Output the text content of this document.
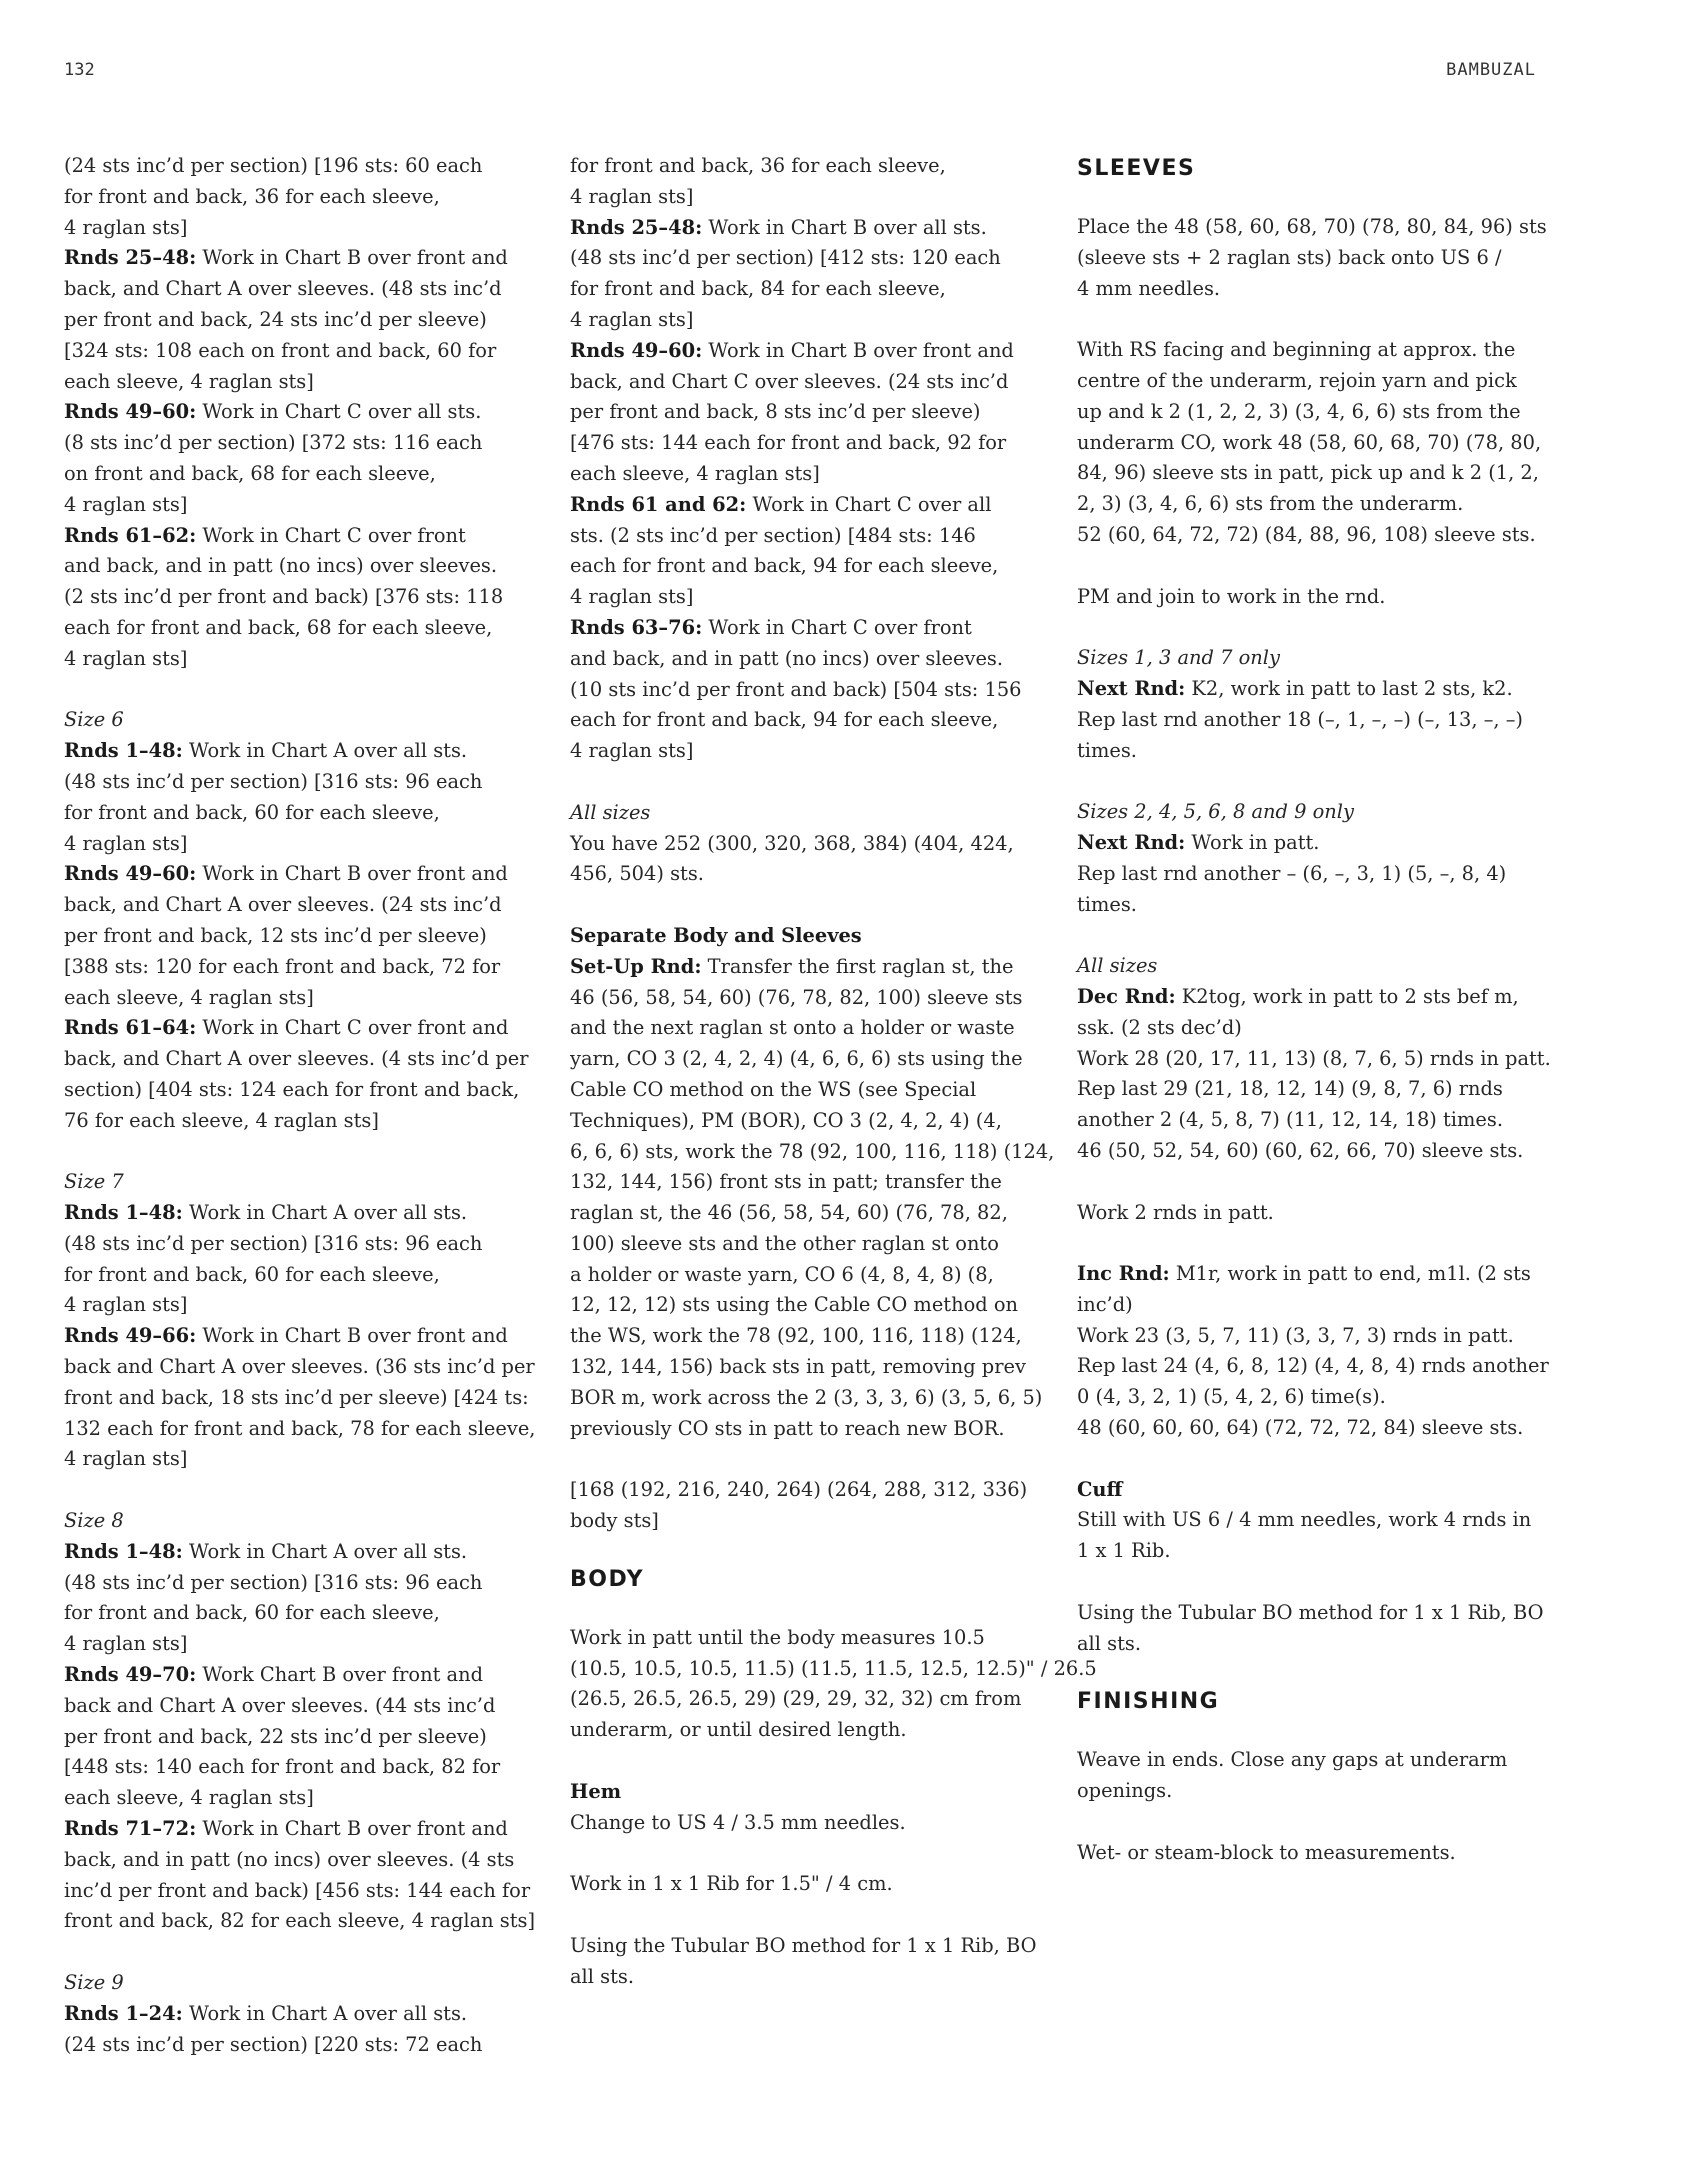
132	BAMBUZAL
(24 sts inc’d per section) [196 sts: 60 each
for front and back, 36 for each sleeve,
4 raglan sts]
Rnds 25–48: Work in Chart B over front and
back, and Chart A over sleeves. (48 sts inc’d
per front and back, 24 sts inc’d per sleeve)
[324 sts: 108 each on front and back, 60 for
each sleeve, 4 raglan sts]
Rnds 49–60: Work in Chart C over all sts.
(8 sts inc’d per section) [372 sts: 116 each
on front and back, 68 for each sleeve,
4 raglan sts]
Rnds 61–62: Work in Chart C over front
and back, and in patt (no incs) over sleeves.
(2 sts inc’d per front and back) [376 sts: 118
each for front and back, 68 for each sleeve,
4 raglan sts]
Size 6
Rnds 1–48: Work in Chart A over all sts.
(48 sts inc’d per section) [316 sts: 96 each
for front and back, 60 for each sleeve,
4 raglan sts]
Rnds 49–60: Work in Chart B over front and
back, and Chart A over sleeves. (24 sts inc’d
per front and back, 12 sts inc’d per sleeve)
[388 sts: 120 for each front and back, 72 for
each sleeve, 4 raglan sts]
Rnds 61–64: Work in Chart C over front and
back, and Chart A over sleeves. (4 sts inc’d per
section) [404 sts: 124 each for front and back,
76 for each sleeve, 4 raglan sts]
Size 7
Rnds 1–48: Work in Chart A over all sts.
(48 sts inc’d per section) [316 sts: 96 each
for front and back, 60 for each sleeve,
4 raglan sts]
Rnds 49–66: Work in Chart B over front and
back and Chart A over sleeves. (36 sts inc’d per
front and back, 18 sts inc’d per sleeve) [424 ts:
132 each for front and back, 78 for each sleeve,
4 raglan sts]
Size 8
Rnds 1–48: Work in Chart A over all sts.
(48 sts inc’d per section) [316 sts: 96 each
for front and back, 60 for each sleeve,
4 raglan sts]
Rnds 49–70: Work Chart B over front and
back and Chart A over sleeves. (44 sts inc’d
per front and back, 22 sts inc’d per sleeve)
[448 sts: 140 each for front and back, 82 for
each sleeve, 4 raglan sts]
Rnds 71–72: Work in Chart B over front and
back, and in patt (no incs) over sleeves. (4 sts
inc’d per front and back) [456 sts: 144 each for
front and back, 82 for each sleeve, 4 raglan sts]
Size 9
Rnds 1–24: Work in Chart A over all sts.
(24 sts inc’d per section) [220 sts: 72 each
for front and back, 36 for each sleeve,
4 raglan sts]
Rnds 25–48: Work in Chart B over all sts.
(48 sts inc’d per section) [412 sts: 120 each
for front and back, 84 for each sleeve,
4 raglan sts]
Rnds 49–60: Work in Chart B over front and
back, and Chart C over sleeves. (24 sts inc’d
per front and back, 8 sts inc’d per sleeve)
[476 sts: 144 each for front and back, 92 for
each sleeve, 4 raglan sts]
Rnds 61 and 62: Work in Chart C over all
sts. (2 sts inc’d per section) [484 sts: 146
each for front and back, 94 for each sleeve,
4 raglan sts]
Rnds 63–76: Work in Chart C over front
and back, and in patt (no incs) over sleeves.
(10 sts inc’d per front and back) [504 sts: 156
each for front and back, 94 for each sleeve,
4 raglan sts]
All sizes
You have 252 (300, 320, 368, 384) (404, 424,
456, 504) sts.
Separate Body and Sleeves
Set-Up Rnd: Transfer the first raglan st, the
46 (56, 58, 54, 60) (76, 78, 82, 100) sleeve sts
and the next raglan st onto a holder or waste
yarn, CO 3 (2, 4, 2, 4) (4, 6, 6, 6) sts using the
Cable CO method on the WS (see Special
Techniques), PM (BOR), CO 3 (2, 4, 2, 4) (4,
6, 6, 6) sts, work the 78 (92, 100, 116, 118) (124,
132, 144, 156) front sts in patt; transfer the
raglan st, the 46 (56, 58, 54, 60) (76, 78, 82,
100) sleeve sts and the other raglan st onto
a holder or waste yarn, CO 6 (4, 8, 4, 8) (8,
12, 12, 12) sts using the Cable CO method on
the WS, work the 78 (92, 100, 116, 118) (124,
132, 144, 156) back sts in patt, removing prev
BOR m, work across the 2 (3, 3, 3, 6) (3, 5, 6, 5)
previously CO sts in patt to reach new BOR.
[168 (192, 216, 240, 264) (264, 288, 312, 336)
body sts]
BODY
Work in patt until the body measures 10.5
(10.5, 10.5, 10.5, 11.5) (11.5, 11.5, 12.5, 12.5)" / 26.5
(26.5, 26.5, 26.5, 29) (29, 29, 32, 32) cm from
underarm, or until desired length.
Hem
Change to US 4 / 3.5 mm needles.
Work in 1 x 1 Rib for 1.5" / 4 cm.
Using the Tubular BO method for 1 x 1 Rib, BO
all sts.
SLEEVES
Place the 48 (58, 60, 68, 70) (78, 80, 84, 96) sts
(sleeve sts + 2 raglan sts) back onto US 6 /
4 mm needles.
With RS facing and beginning at approx. the
centre of the underarm, rejoin yarn and pick
up and k 2 (1, 2, 2, 3) (3, 4, 6, 6) sts from the
underarm CO, work 48 (58, 60, 68, 70) (78, 80,
84, 96) sleeve sts in patt, pick up and k 2 (1, 2,
2, 3) (3, 4, 6, 6) sts from the underarm.
52 (60, 64, 72, 72) (84, 88, 96, 108) sleeve sts.
PM and join to work in the rnd.
Sizes 1, 3 and 7 only
Next Rnd: K2, work in patt to last 2 sts, k2.
Rep last rnd another 18 (–, 1, –, –) (–, 13, –, –)
times.
Sizes 2, 4, 5, 6, 8 and 9 only
Next Rnd: Work in patt.
Rep last rnd another – (6, –, 3, 1) (5, –, 8, 4)
times.
All sizes
Dec Rnd: K2tog, work in patt to 2 sts bef m,
ssk. (2 sts dec’d)
Work 28 (20, 17, 11, 13) (8, 7, 6, 5) rnds in patt.
Rep last 29 (21, 18, 12, 14) (9, 8, 7, 6) rnds
another 2 (4, 5, 8, 7) (11, 12, 14, 18) times.
46 (50, 52, 54, 60) (60, 62, 66, 70) sleeve sts.
Work 2 rnds in patt.
Inc Rnd: M1r, work in patt to end, m1l. (2 sts
inc’d)
Work 23 (3, 5, 7, 11) (3, 3, 7, 3) rnds in patt.
Rep last 24 (4, 6, 8, 12) (4, 4, 8, 4) rnds another
0 (4, 3, 2, 1) (5, 4, 2, 6) time(s).
48 (60, 60, 60, 64) (72, 72, 72, 84) sleeve sts.
Cuff
Still with US 6 / 4 mm needles, work 4 rnds in
1 x 1 Rib.
Using the Tubular BO method for 1 x 1 Rib, BO
all sts.
FINISHING
Weave in ends. Close any gaps at underarm
openings.
Wet- or steam-block to measurements.
